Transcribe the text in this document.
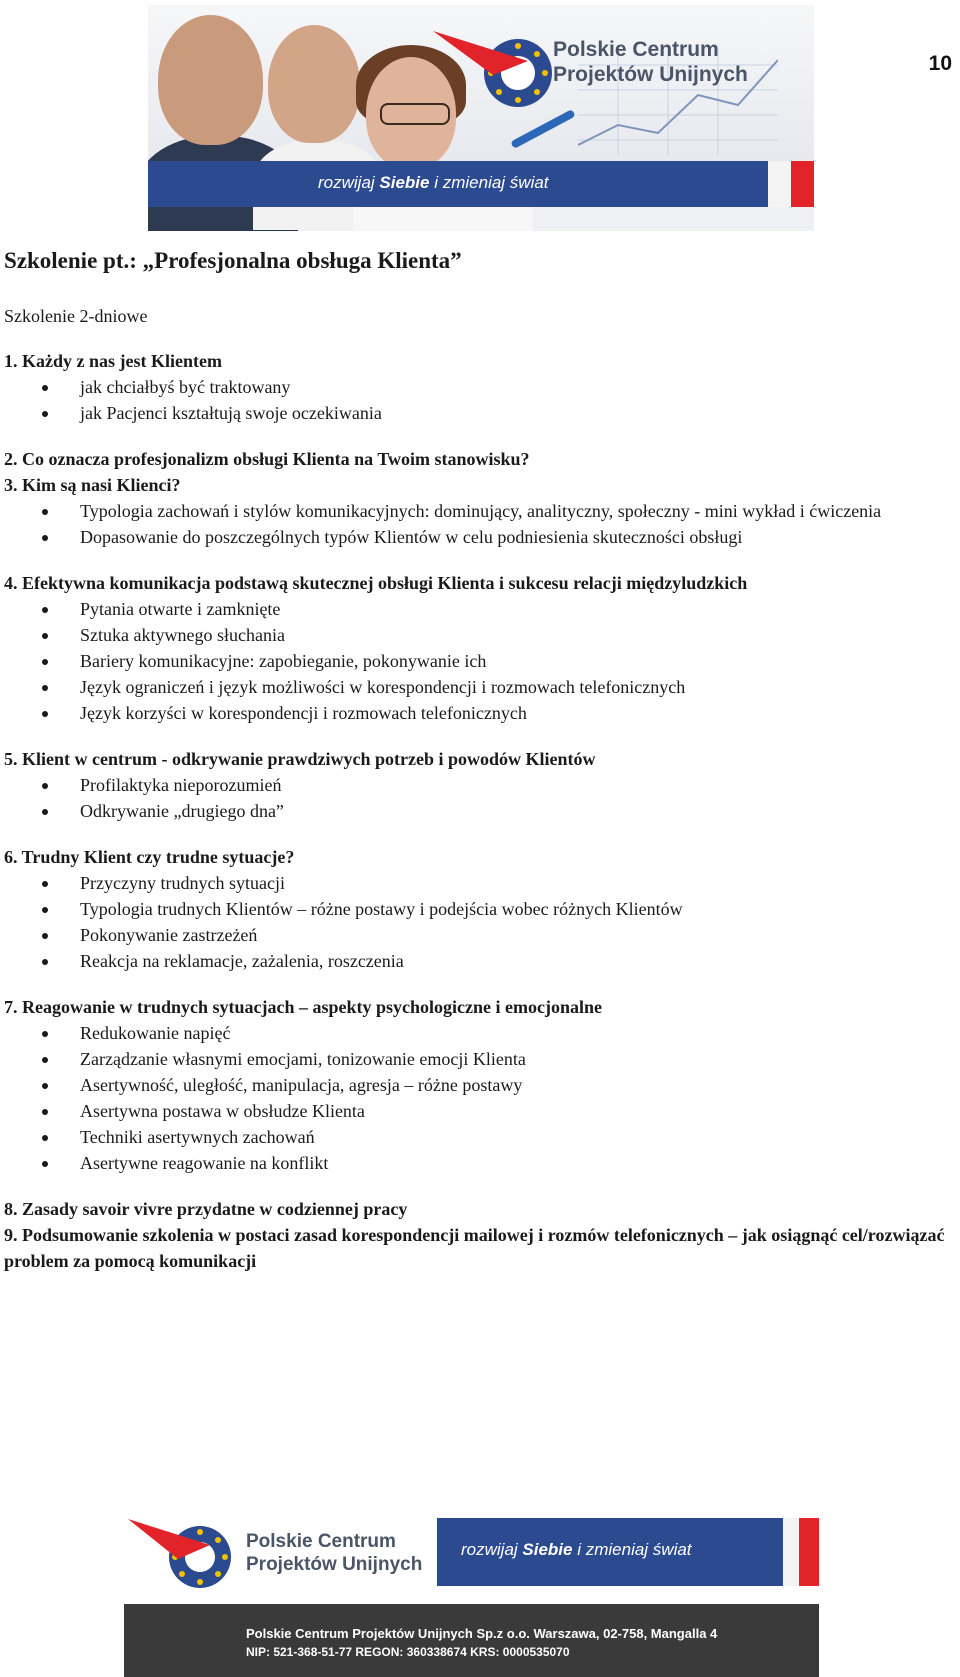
10
Polskie Centrum
Projektów Unijnych
rozwijaj Siebie i zmieniaj świat
Szkolenie pt.: „Profesjonalna obsługa Klienta”
Szkolenie 2-dniowe

1. Każdy z nas jest Klientem

jak chciałbyś być traktowany
jak Pacjenci kształtują swoje oczekiwania

2. Co oznacza profesjonalizm obsługi Klienta na Twoim stanowisku?

3. Kim są nasi Klienci?

Typologia zachowań i stylów komunikacyjnych: dominujący, analityczny, społeczny - mini wykład i ćwiczenia
Dopasowanie do poszczególnych typów Klientów w celu podniesienia skuteczności obsługi

4. Efektywna komunikacja podstawą skutecznej obsługi Klienta i sukcesu relacji międzyludzkich

Pytania otwarte i zamknięte
Sztuka aktywnego słuchania
Bariery komunikacyjne: zapobieganie, pokonywanie ich
Język ograniczeń i język możliwości w korespondencji i rozmowach telefonicznych
Język korzyści w korespondencji i rozmowach telefonicznych

5. Klient w centrum - odkrywanie prawdziwych potrzeb i powodów Klientów

Profilaktyka nieporozumień
Odkrywanie „drugiego dna”

6. Trudny Klient czy trudne sytuacje?

Przyczyny trudnych sytuacji
Typologia trudnych Klientów – różne postawy i podejścia wobec różnych Klientów
Pokonywanie zastrzeżeń
Reakcja na reklamacje, zażalenia, roszczenia

7. Reagowanie w trudnych sytuacjach – aspekty psychologiczne i emocjonalne

Redukowanie napięć
Zarządzanie własnymi emocjami, tonizowanie emocji Klienta
Asertywność, uległość, manipulacja, agresja – różne postawy
Asertywna postawa w obsłudze Klienta
Techniki asertywnych zachowań
Asertywne reagowanie na konflikt

8. Zasady savoir vivre przydatne w codziennej pracy

9. Podsumowanie szkolenia w postaci zasad korespondencji mailowej i rozmów telefonicznych – jak osiągnąć cel/rozwiązać problem za pomocą komunikacji

Polskie Centrum
Projektów Unijnych
rozwijaj Siebie i zmieniaj świat
Polskie Centrum Projektów Unijnych Sp.z o.o. Warszawa, 02-758, Mangalla 4
NIP: 521-368-51-77 REGON: 360338674 KRS: 0000535070
